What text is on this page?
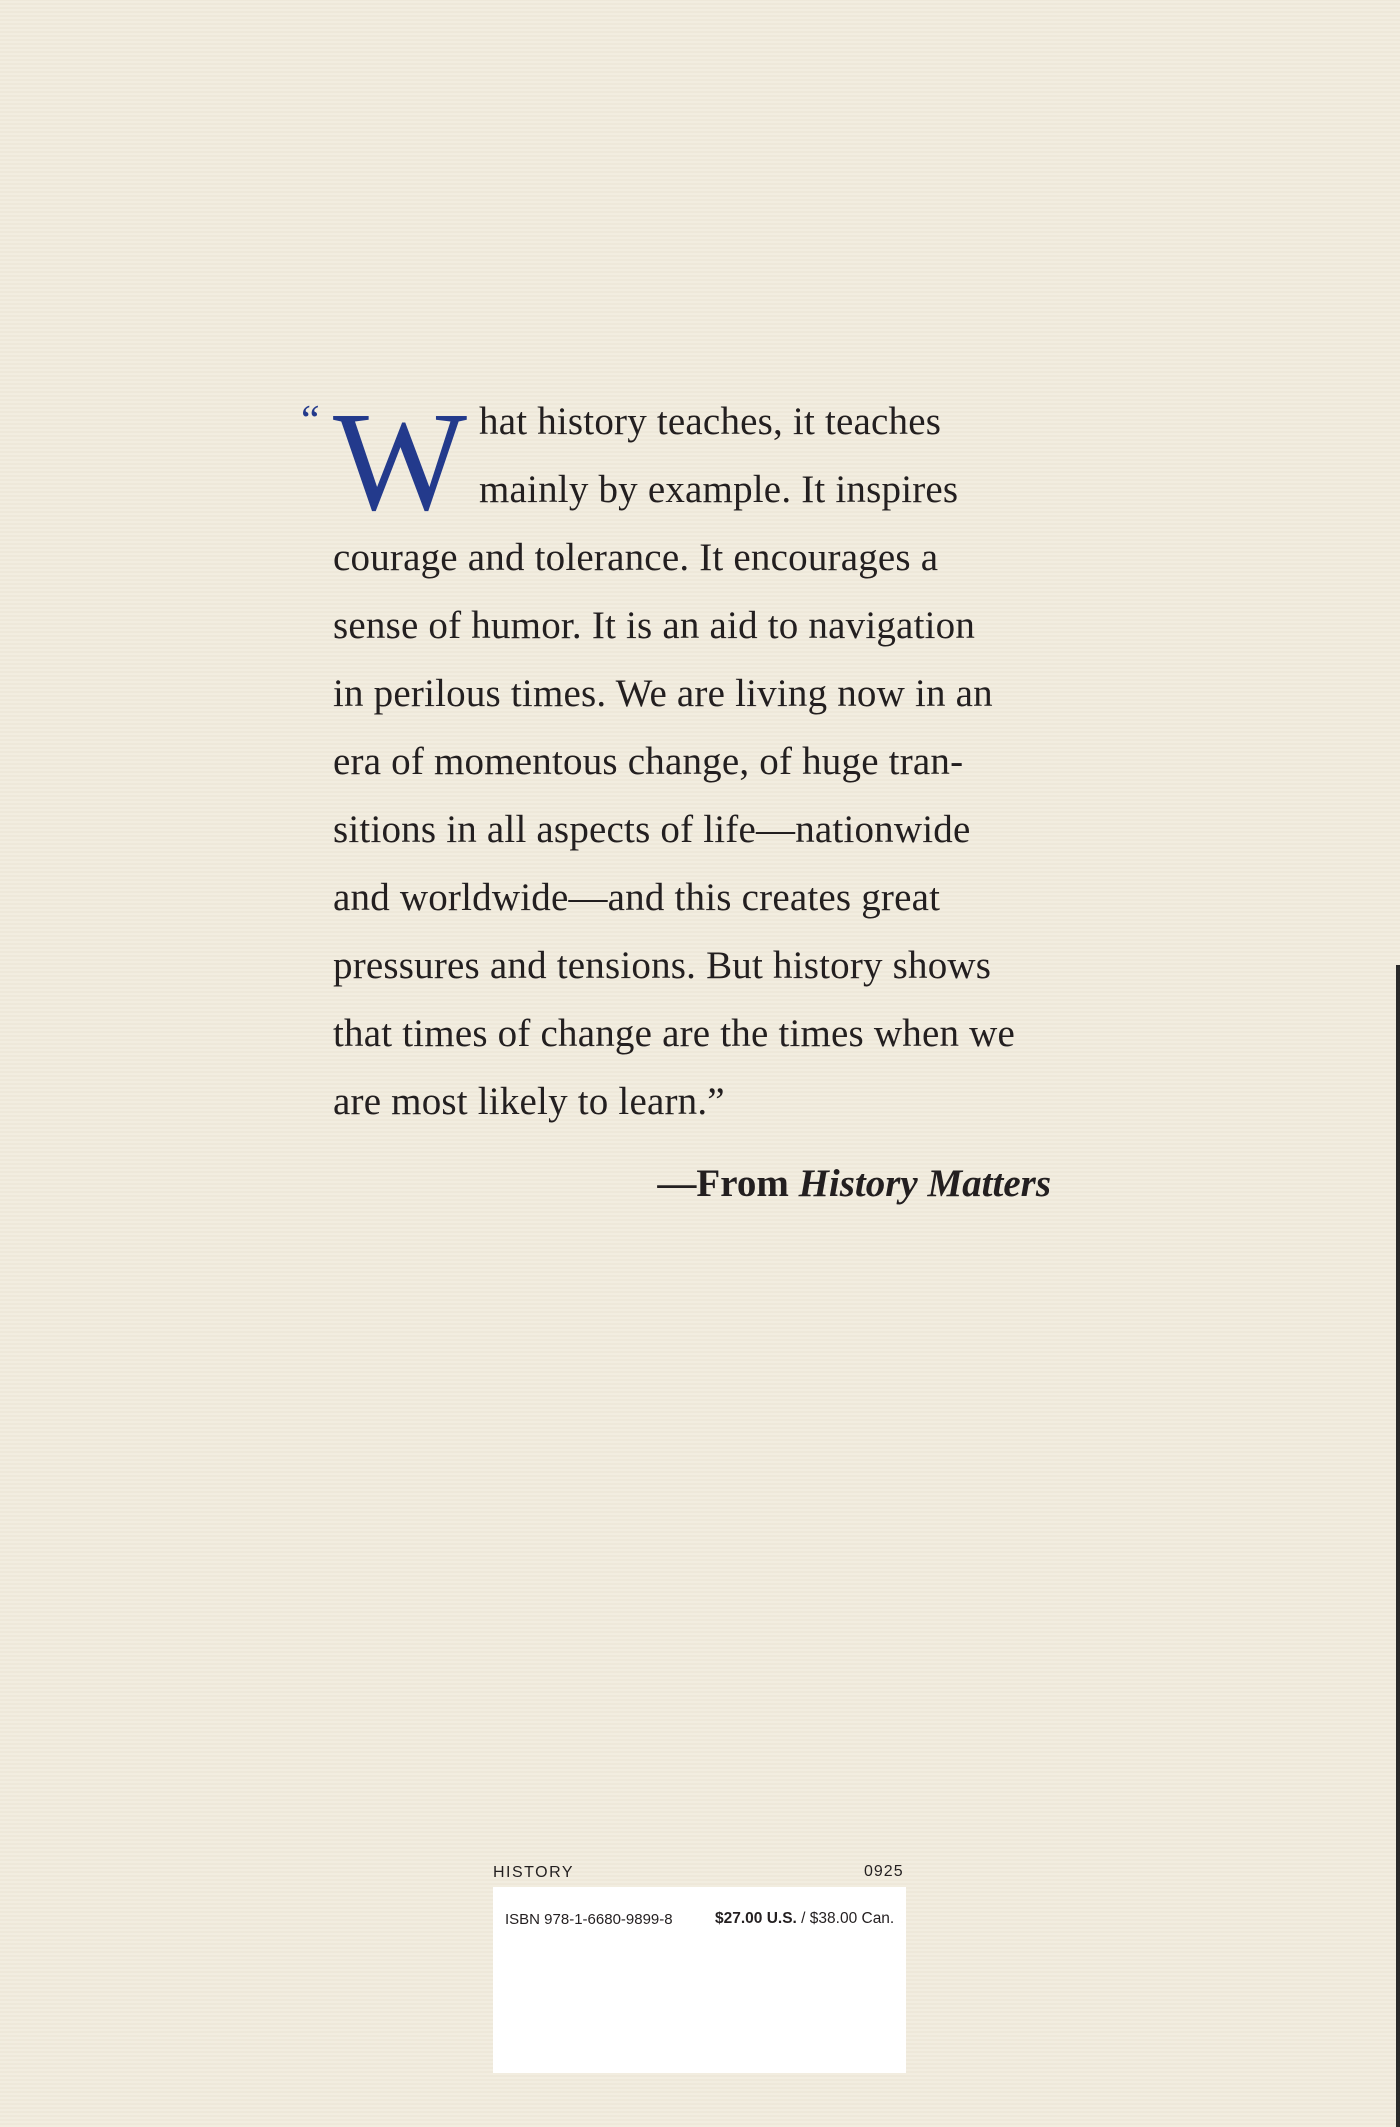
“ W hat history teaches, it teaches
mainly by example. It inspires
courage and tolerance. It encourages a
sense of humor. It is an aid to navigation
in perilous times. We are living now in an
era of momentous change, of huge tran-
sitions in all aspects of life—nationwide
and worldwide—and this creates great
pressures and tensions. But history shows
that times of change are the times when we
are most likely to learn.”
—From History Matters
HISTORY	0925
ISBN 978-1-6680-9899-8	$27.00 U.S. / $38.00 Can.
